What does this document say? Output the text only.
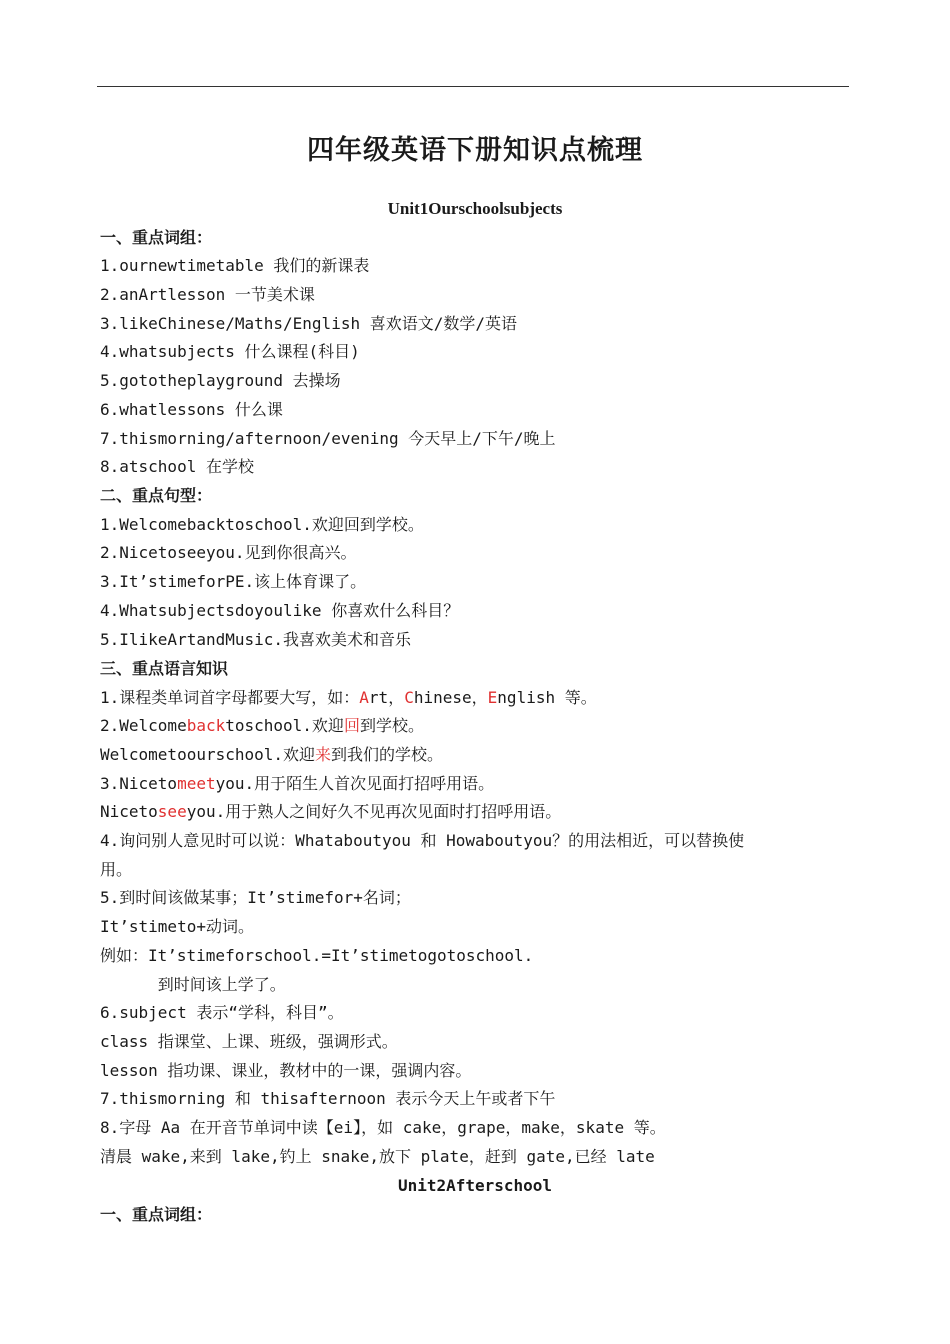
四年级英语下册知识点梳理
Unit1Ourschoolsubjects
一、重点词组：
1.ournewtimetable 我们的新课表
2.anArtlesson 一节美术课
3.likeChinese/Maths/English 喜欢语文/数学/英语
4.whatsubjects 什么课程(科目)
5.gototheplayground 去操场
6.whatlessons 什么课
7.thismorning/afternoon/evening 今天早上/下午/晚上
8.atschool 在学校
二、重点句型：
1.Welcomebacktoschool.欢迎回到学校。
2.Nicetoseeyou.见到你很高兴。
3.It’stimeforPE.该上体育课了。
4.Whatsubjectsdoyoulike 你喜欢什么科目？
5.IlikeArtandMusic.我喜欢美术和音乐
三、重点语言知识
1.课程类单词首字母都要大写，如：Art，Chinese，English 等。
2.Welcomebacktoschool.欢迎回到学校。
Welcometoourschool.欢迎来到我们的学校。
3.Nicetomeetyou.用于陌生人首次见面打招呼用语。
Nicetoseeyou.用于熟人之间好久不见再次见面时打招呼用语。
4.询问别人意见时可以说：Whataboutyou 和 Howaboutyou？的用法相近，可以替换使
用。
5.到时间该做某事；It’stimefor+名词；
It’stimeto+动词。
例如：It’stimeforschool.=It’stimetogotoschool.
到时间该上学了。
6.subject 表示“学科，科目”。
class 指课堂、上课、班级，强调形式。
lesson 指功课、课业，教材中的一课，强调内容。
7.thismorning 和 thisafternoon 表示今天上午或者下午
8.字母 Aa 在开音节单词中读【ei】，如 cake，grape，make，skate 等。
清晨 wake,来到 lake,钓上 snake,放下 plate，赶到 gate,已经 late
Unit2Afterschool
一、重点词组：
